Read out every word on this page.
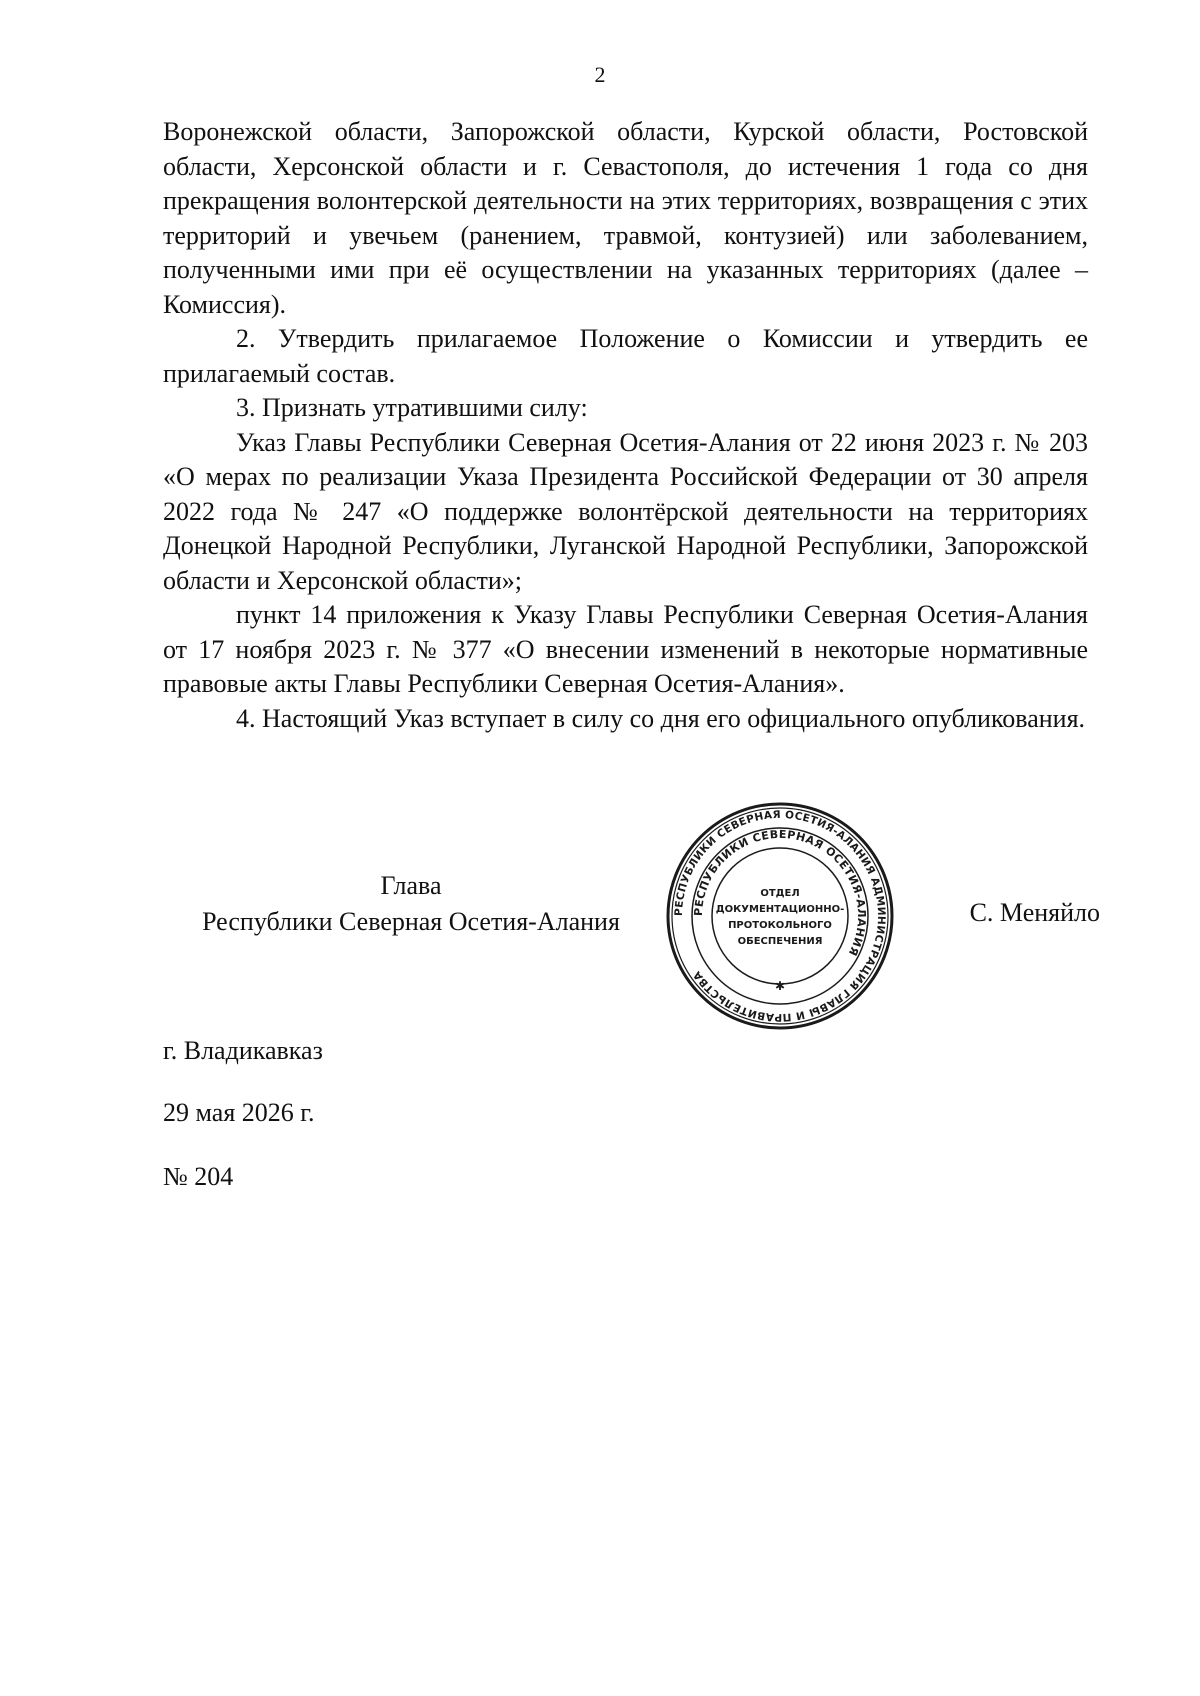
2

Воронежской области, Запорожской области, Курской области, Ростовской области, Херсонской области и г. Севастополя, до истечения 1 года со дня прекращения волонтерской деятельности на этих территориях, возвращения с этих территорий и увечьем (ранением, травмой, контузией) или заболеванием, полученными ими при её осуществлении на указанных территориях (далее – Комиссия).

2. Утвердить прилагаемое Положение о Комиссии и утвердить ее прилагаемый состав.

3. Признать утратившими силу:

Указ Главы Республики Северная Осетия-Алания от 22 июня 2023 г. № 203 «О мерах по реализации Указа Президента Российской Федерации от 30 апреля 2022 года № 247 «О поддержке волонтёрской деятельности на территориях Донецкой Народной Республики, Луганской Народной Республики, Запорожской области и Херсонской области»;

пункт 14 приложения к Указу Главы Республики Северная Осетия-Алания от 17 ноября 2023 г. № 377 «О внесении изменений в некоторые нормативные правовые акты Главы Республики Северная Осетия-Алания».

4. Настоящий Указ вступает в силу со дня его официального опубликования.

Глава
Республики Северная Осетия-Алания	РЕСПУБЛИКИ СЕВЕРНАЯ ОСЕТИЯ-АЛАНИЯ АДМИНИСТРАЦИЯ ГЛАВЫ И ПРАВИТЕЛЬСТВА
РЕСПУБЛИКИ СЕВЕРНАЯ ОСЕТИЯ-АЛАНИЯ
ОТДЕЛ
ДОКУМЕНТАЦИОННО-
ПРОТОКОЛЬНОГО
ОБЕСПЕЧЕНИЯ
✱
С. Меняйло
г. Владикавказ
29 мая 2026 г.
№ 204
